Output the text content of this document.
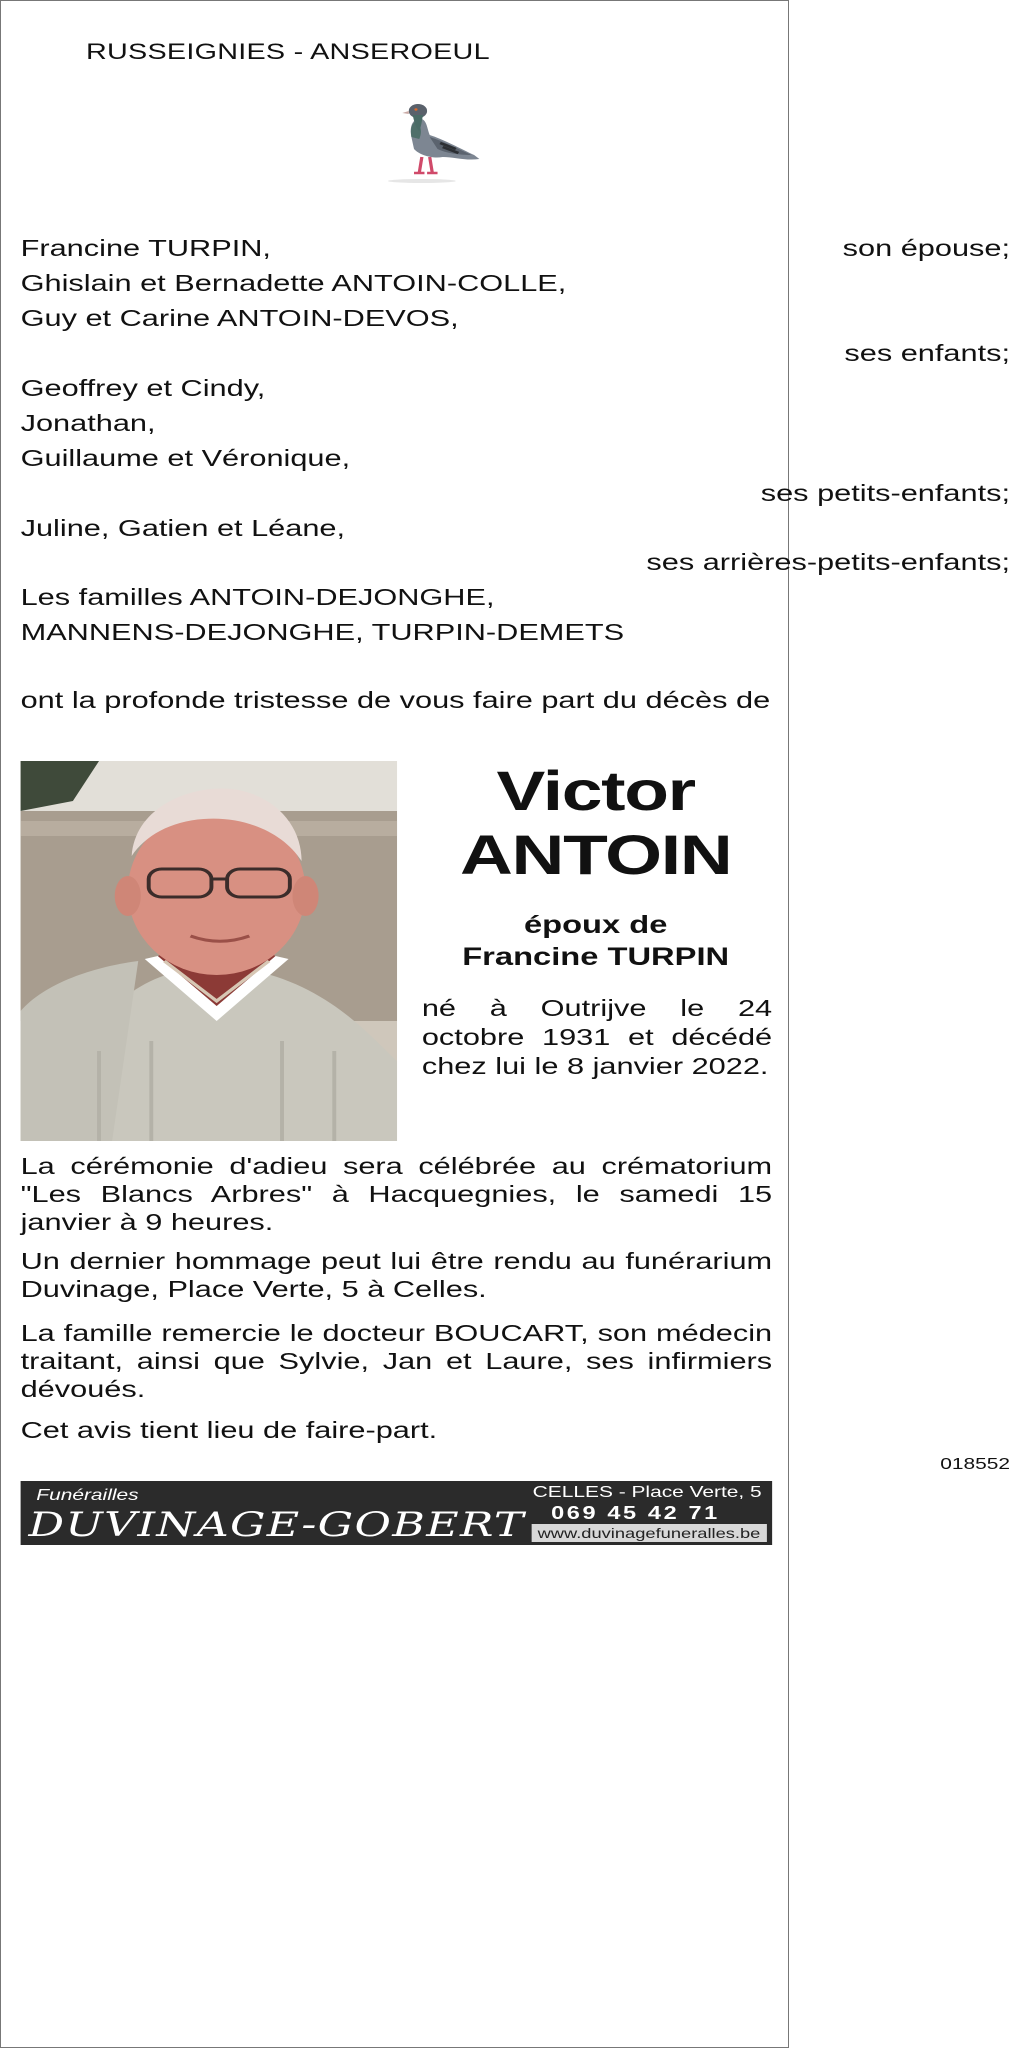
RUSSEIGNIES - ANSEROEUL
Francine TURPIN,	son épouse;
Ghislain et Bernadette ANTOIN-COLLE,
Guy et Carine ANTOIN-DEVOS,
ses enfants;
Geoffrey et Cindy,
Jonathan,
Guillaume et Véronique,
ses petits-enfants;
Juline, Gatien et Léane,
ses arrières-petits-enfants;
Les familles ANTOIN-DEJONGHE,
MANNENS-DEJONGHE, TURPIN-DEMETS
ont la profonde tristesse de vous faire part du décès de
Victor
ANTOIN
époux de
Francine TURPIN
né à Outrijve le 24 octobre 1931 et décédé chez lui le 8 janvier 2022.
La cérémonie d'adieu sera célébrée au crématorium "Les Blancs Arbres" à Hacquegnies, le samedi 15 janvier à 9 heures.
Un dernier hommage peut lui être rendu au funérarium Duvinage, Place Verte, 5 à Celles.
La famille remercie le docteur BOUCART, son médecin traitant, ainsi que Sylvie, Jan et Laure, ses infirmiers dévoués.
Cet avis tient lieu de faire-part.
018552
Funérailles
DUVINAGE-GOBERT
CELLES - Place Verte, 5
069 45 42 71
www.duvinagefuneralles.be
